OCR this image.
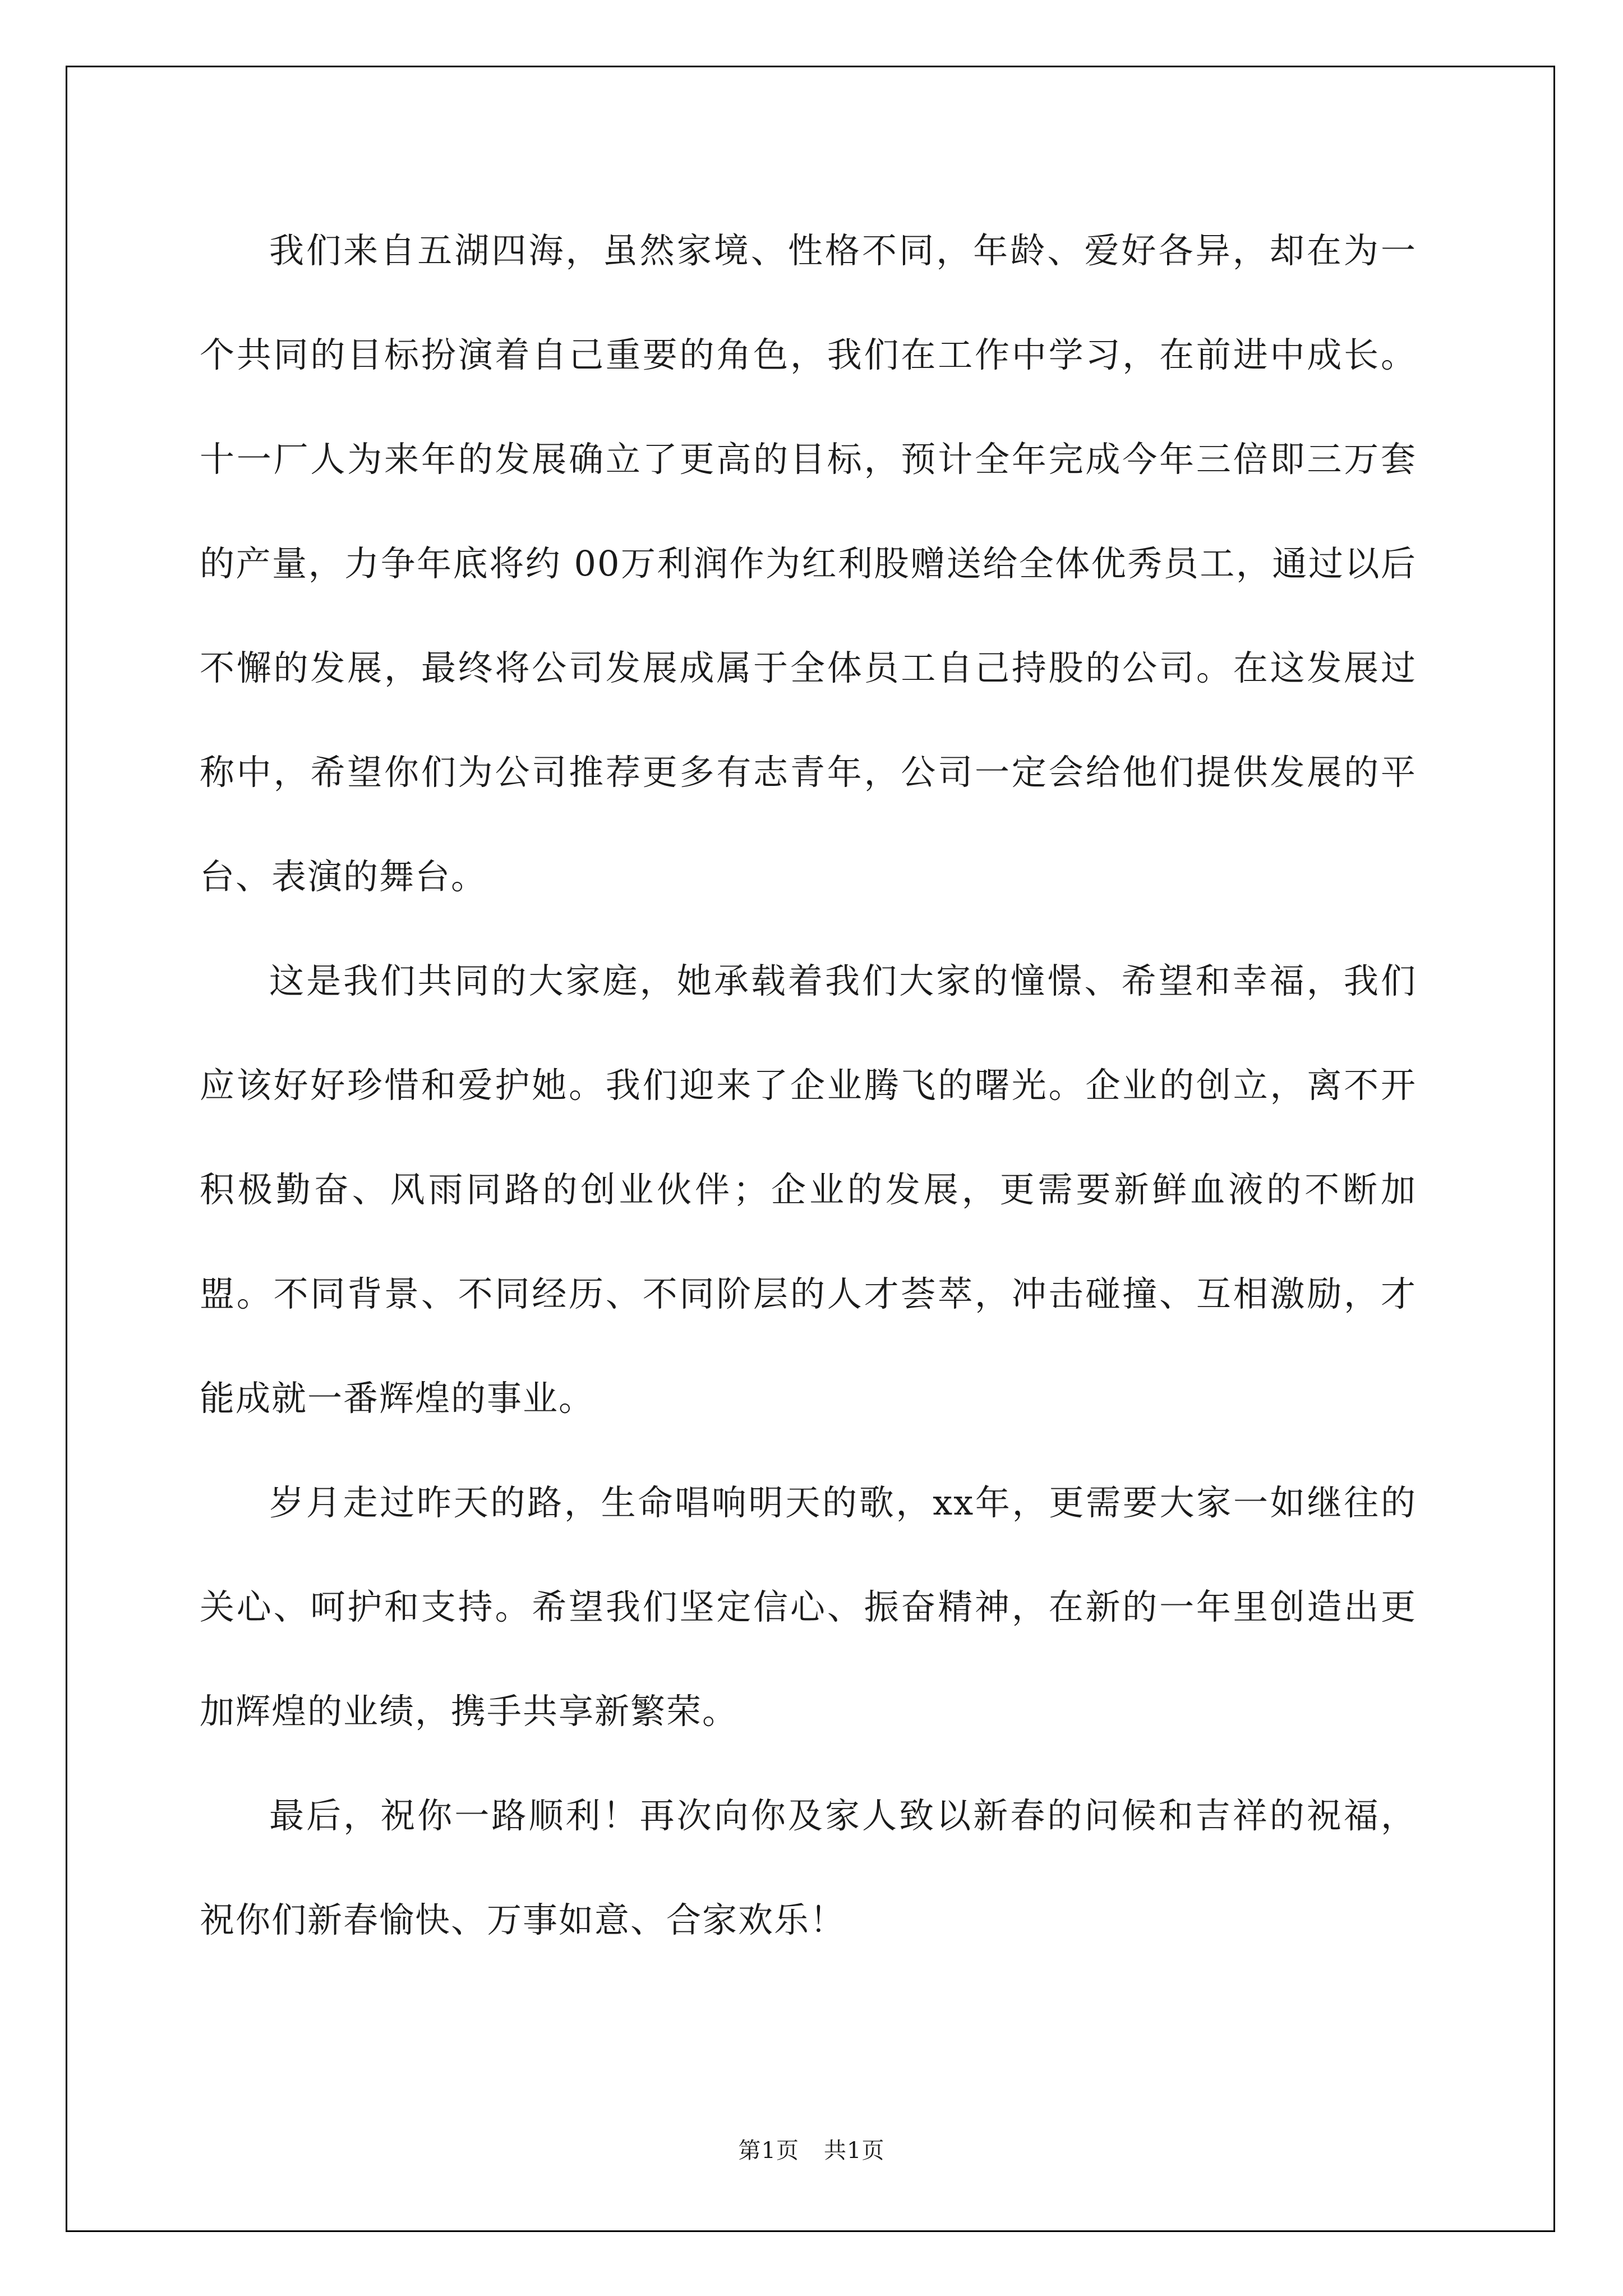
我们来自五湖四海，虽然家境、性格不同，年龄、爱好各异，却在为一个共同的目标扮演着自己重要的角色，我们在工作中学习，在前进中成长。十一厂人为来年的发展确立了更高的目标，预计全年完成今年三倍即三万套的产量，力争年底将约 00万利润作为红利股赠送给全体优秀员工，通过以后不懈的发展，最终将公司发展成属于全体员工自己持股的公司。在这发展过称中，希望你们为公司推荐更多有志青年，公司一定会给他们提供发展的平台、表演的舞台。

这是我们共同的大家庭，她承载着我们大家的憧憬、希望和幸福，我们应该好好珍惜和爱护她。我们迎来了企业腾飞的曙光。企业的创立，离不开积极勤奋、风雨同路的创业伙伴；企业的发展，更需要新鲜血液的不断加盟。不同背景、不同经历、不同阶层的人才荟萃，冲击碰撞、互相激励，才能成就一番辉煌的事业。

岁月走过昨天的路，生命唱响明天的歌，xx年，更需要大家一如继往的关心、呵护和支持。希望我们坚定信心、振奋精神，在新的一年里创造出更加辉煌的业绩，携手共享新繁荣。

最后，祝你一路顺利！再次向你及家人致以新春的问候和吉祥的祝福，祝你们新春愉快、万事如意、合家欢乐！

第1页 共1页
